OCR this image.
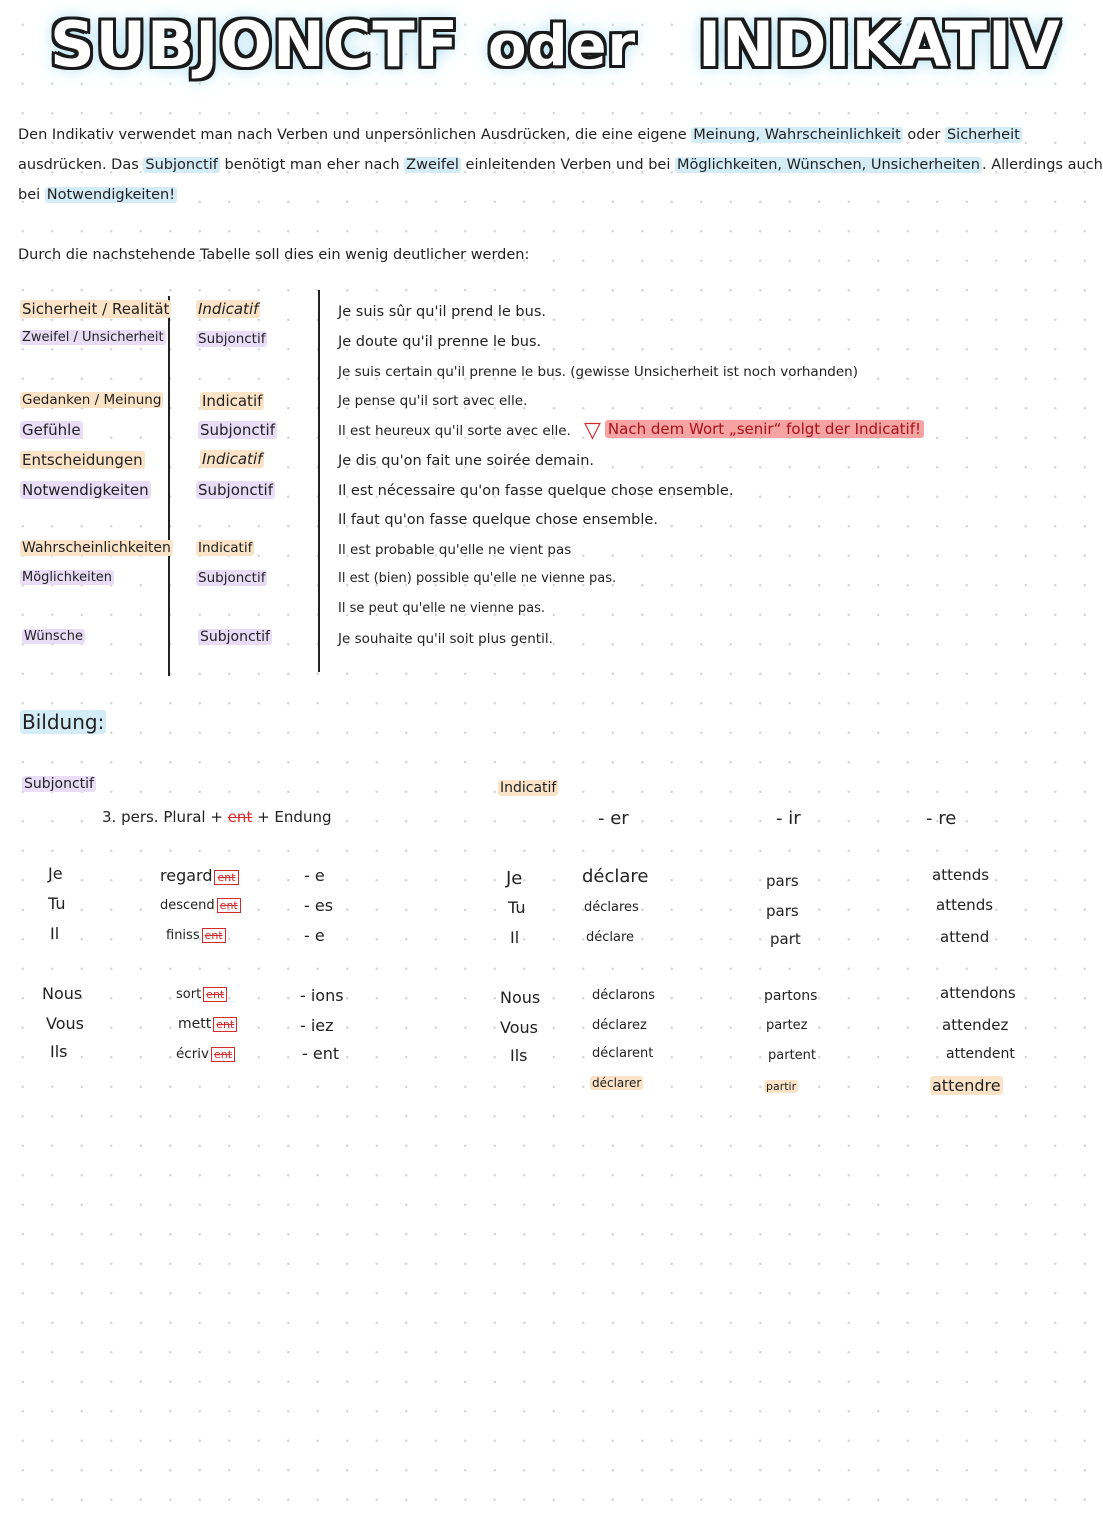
SUBJONCTF oder INDIKATIV
Den Indikativ verwendet man nach Verben und unpersönlichen Ausdrücken, die eine eigene Meinung, Wahrscheinlichkeit oder Sicherheit
ausdrücken. Das Subjonctif benötigt man eher nach Zweifel einleitenden Verben und bei Möglichkeiten, Wünschen, Unsicherheiten . Allerdings auch
bei Notwendigkeiten!
Durch die nachstehende Tabelle soll dies ein wenig deutlicher werden:
Sicherheit / Realität
Zweifel / Unsicherheit
Gedanken / Meinung
Gefühle
Entscheidungen
Notwendigkeiten
Wahrscheinlichkeiten
Möglichkeiten
Wünsche
Indicatif
Subjonctif
Indicatif
Subjonctif
Indicatif
Subjonctif
Indicatif
Subjonctif
Subjonctif
Je suis sûr qu'il prend le bus.
Je doute qu'il prenne le bus.
Je suis certain qu'il prenne le bus. (gewisse Unsicherheit ist noch vorhanden)
Je pense qu'il sort avec elle.
Il est heureux qu'il sorte avec elle. ▽ Nach dem Wort „senir“ folgt der Indicatif!
Je dis qu'on fait une soirée demain.
Il est nécessaire qu'on fasse quelque chose ensemble.
Il faut qu'on fasse quelque chose ensemble.
Il est probable qu'elle ne vient pas
Il est (bien) possible qu'elle ne vienne pas.
Il se peut qu'elle ne vienne pas.
Je souhaite qu'il soit plus gentil.
Bildung:
Subjonctif
3. pers. Plural + ent + Endung
Indicatif
- er	- ir	- re
Je
Tu
Il
Nous
Vous
Ils
regard ent
descend ent
finiss ent
sort ent
mett ent
écriv ent
- e
- es
- e
- ions
- iez
- ent
Je
Tu
Il
Nous
Vous
Ils
déclare
déclares
déclare
déclarons
déclarez
déclarent
déclarer
pars
pars
part
partons
partez
partent
partir
attends
attends
attend
attendons
attendez
attendent
attendre
